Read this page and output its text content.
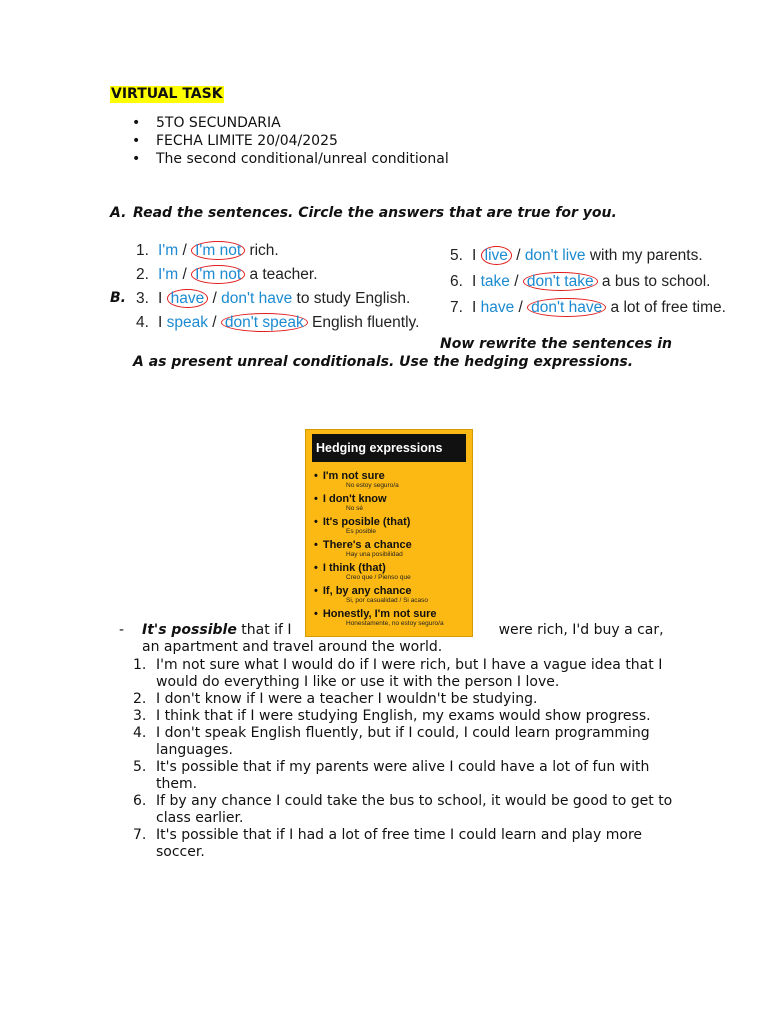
VIRTUAL TASK
• 5TO SECUNDARIA
• FECHA LIMITE 20/04/2025
• The second conditional/unreal conditional
A. Read the sentences. Circle the answers that are true for you.
1. I'm / I'm not rich.
2. I'm / I'm not a teacher.
3. I have / don't have to study English.
4. I speak / don't speak English fluently.
5. I live / don't live with my parents.
6. I take / don't take a bus to school.
7. I have / don't have a lot of free time.
B.
Now rewrite the sentences in
A as present unreal conditionals. Use the hedging expressions.
Hedging expressions
• I'm not sure
No estoy seguro/a
• I don't know
No sé
• It's posible (that)
Es posible
• There's a chance
Hay una posibilidad
• I think (that)
Creo que / Pienso que
• If, by any chance
Si, por casualidad / Si acaso
• Honestly, I'm not sure
Honestamente, no estoy seguro/a
- It's possible that if I	were rich, I'd buy a car,
an apartment and travel around the world.
1. I'm not sure what I would do if I were rich, but I have a vague idea that I would do everything I like or use it with the person I love.
2. I don't know if I were a teacher I wouldn't be studying.
3. I think that if I were studying English, my exams would show progress.
4. I don't speak English fluently, but if I could, I could learn programming languages.
5. It's possible that if my parents were alive I could have a lot of fun with them.
6. If by any chance I could take the bus to school, it would be good to get to class earlier.
7. It's possible that if I had a lot of free time I could learn and play more soccer.
